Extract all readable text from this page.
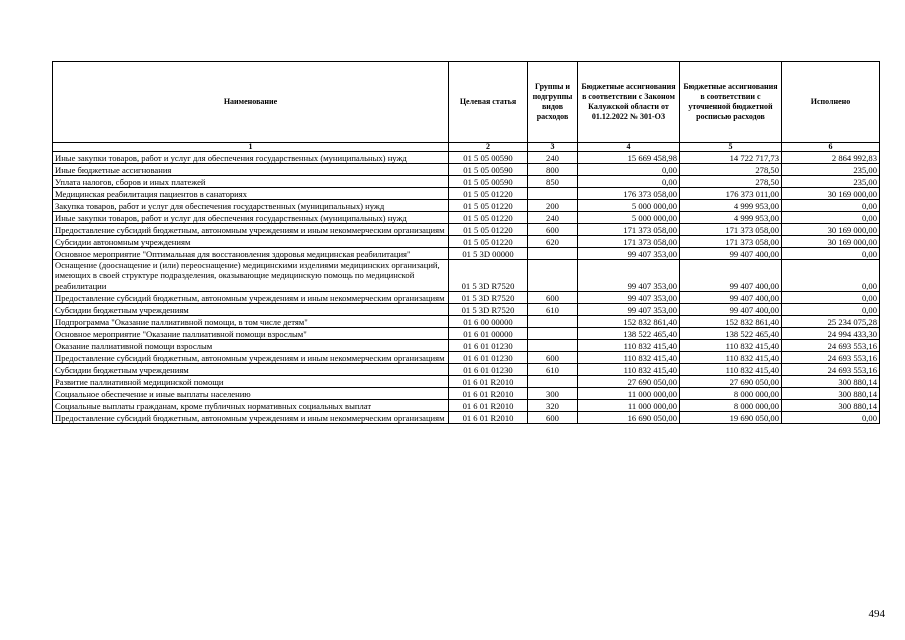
Наименование	Целевая статья	Группы и подгруппы видов расходов	Бюджетные ассигнования в соответствии с Законом Калужской области от 01.12.2022 № 301-ОЗ	Бюджетные ассигнования в соответствии с уточненной бюджетной росписью расходов	Исполнено
1	2	3	4	5	6
Иные закупки товаров, работ и услуг для обеспечения государственных (муниципальных) нужд	01 5 05 00590	240	15 669 458,98	14 722 717,73	2 864 992,83
Иные бюджетные ассигнования	01 5 05 00590	800	0,00	278,50	235,00
Уплата налогов, сборов и иных платежей	01 5 05 00590	850	0,00	278,50	235,00
Медицинская реабилитация пациентов в санаториях	01 5 05 01220		176 373 058,00	176 373 011,00	30 169 000,00
Закупка товаров, работ и услуг для обеспечения государственных (муниципальных) нужд	01 5 05 01220	200	5 000 000,00	4 999 953,00	0,00
Иные закупки товаров, работ и услуг для обеспечения государственных (муниципальных) нужд	01 5 05 01220	240	5 000 000,00	4 999 953,00	0,00
Предоставление субсидий бюджетным, автономным учреждениям и иным некоммерческим организациям	01 5 05 01220	600	171 373 058,00	171 373 058,00	30 169 000,00
Субсидии автономным учреждениям	01 5 05 01220	620	171 373 058,00	171 373 058,00	30 169 000,00
Основное мероприятие "Оптимальная для восстановления здоровья медицинская реабилитация"	01 5 3D 00000		99 407 353,00	99 407 400,00	0,00
Оснащение (дооснащение и (или) переоснащение) медицинскими изделиями медицинских организаций, имеющих в своей структуре подразделения, оказывающие медицинскую помощь по медицинской реабилитации	01 5 3D R7520		99 407 353,00	99 407 400,00	0,00
Предоставление субсидий бюджетным, автономным учреждениям и иным некоммерческим организациям	01 5 3D R7520	600	99 407 353,00	99 407 400,00	0,00
Субсидии бюджетным учреждениям	01 5 3D R7520	610	99 407 353,00	99 407 400,00	0,00
Подпрограмма "Оказание паллиативной помощи, в том числе детям"	01 6 00 00000		152 832 861,40	152 832 861,40	25 234 075,28
Основное мероприятие "Оказание паллиативной помощи взрослым"	01 6 01 00000		138 522 465,40	138 522 465,40	24 994 433,30
Оказание паллиативной помощи взрослым	01 6 01 01230		110 832 415,40	110 832 415,40	24 693 553,16
Предоставление субсидий бюджетным, автономным учреждениям и иным некоммерческим организациям	01 6 01 01230	600	110 832 415,40	110 832 415,40	24 693 553,16
Субсидии бюджетным учреждениям	01 6 01 01230	610	110 832 415,40	110 832 415,40	24 693 553,16
Развитие паллиативной медицинской помощи	01 6 01 R2010		27 690 050,00	27 690 050,00	300 880,14
Социальное обеспечение и иные выплаты населению	01 6 01 R2010	300	11 000 000,00	8 000 000,00	300 880,14
Социальные выплаты гражданам, кроме публичных нормативных социальных выплат	01 6 01 R2010	320	11 000 000,00	8 000 000,00	300 880,14
Предоставление субсидий бюджетным, автономным учреждениям и иным некоммерческим организациям	01 6 01 R2010	600	16 690 050,00	19 690 050,00	0,00
494
